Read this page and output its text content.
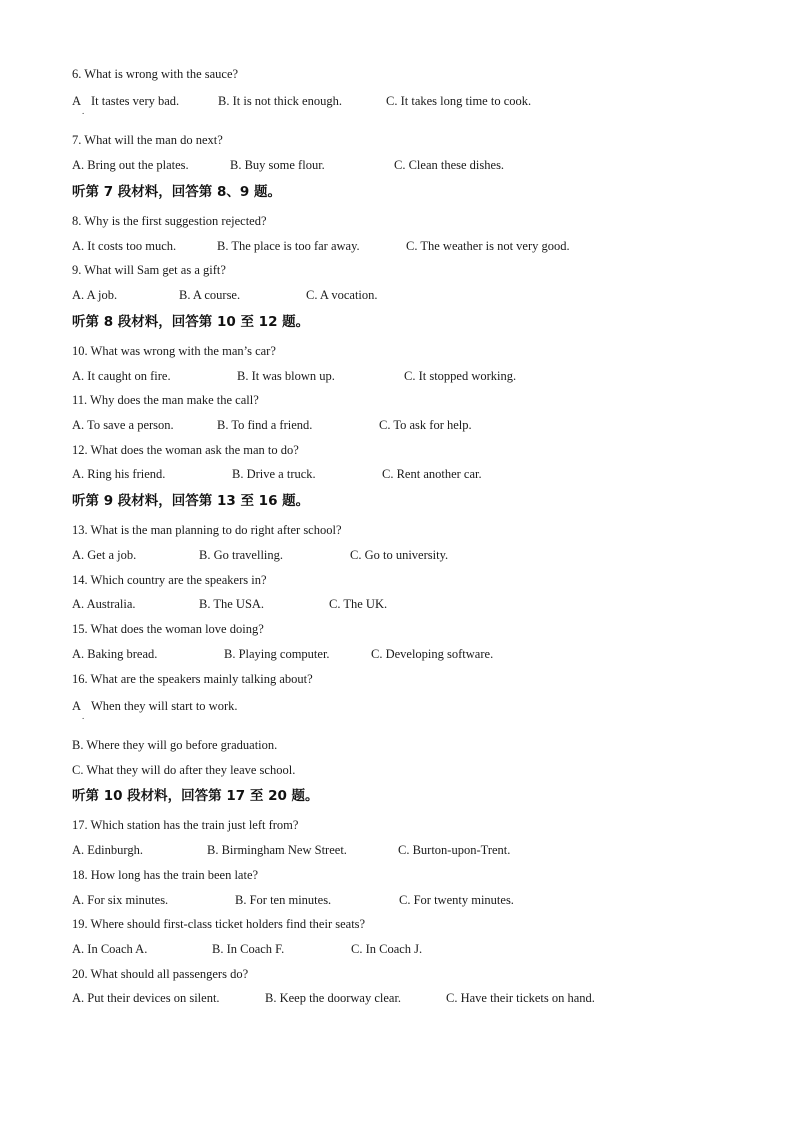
6. What is wrong with the sauce?
A It tastes very bad.	B. It is not thick enough.	C. It takes long time to cook.
.
7. What will the man do next?
A. Bring out the plates.	B. Buy some flour.	C. Clean these dishes.
听第 7 段材料，回答第 8、9 题。
8. Why is the first suggestion rejected?
A. It costs too much.	B. The place is too far away.	C. The weather is not very good.
9. What will Sam get as a gift?
A. A job.	B. A course.	C. A vocation.
听第 8 段材料，回答第 10 至 12 题。
10. What was wrong with the man’s car?
A. It caught on fire.	B. It was blown up.	C. It stopped working.
11. Why does the man make the call?
A. To save a person.	B. To find a friend.	C. To ask for help.
12. What does the woman ask the man to do?
A. Ring his friend.	B. Drive a truck.	C. Rent another car.
听第 9 段材料，回答第 13 至 16 题。
13. What is the man planning to do right after school?
A. Get a job.	B. Go travelling.	C. Go to university.
14. Which country are the speakers in?
A. Australia.	B. The USA.	C. The UK.
15. What does the woman love doing?
A. Baking bread.	B. Playing computer.	C. Developing software.
16. What are the speakers mainly talking about?
A When they will start to work.
.
B. Where they will go before graduation.
C. What they will do after they leave school.
听第 10 段材料，回答第 17 至 20 题。
17. Which station has the train just left from?
A. Edinburgh.	B. Birmingham New Street.	C. Burton-upon-Trent.
18. How long has the train been late?
A. For six minutes.	B. For ten minutes.	C. For twenty minutes.
19. Where should first-class ticket holders find their seats?
A. In Coach A.	B. In Coach F.	C. In Coach J.
20. What should all passengers do?
A. Put their devices on silent.	B. Keep the doorway clear.	C. Have their tickets on hand.
